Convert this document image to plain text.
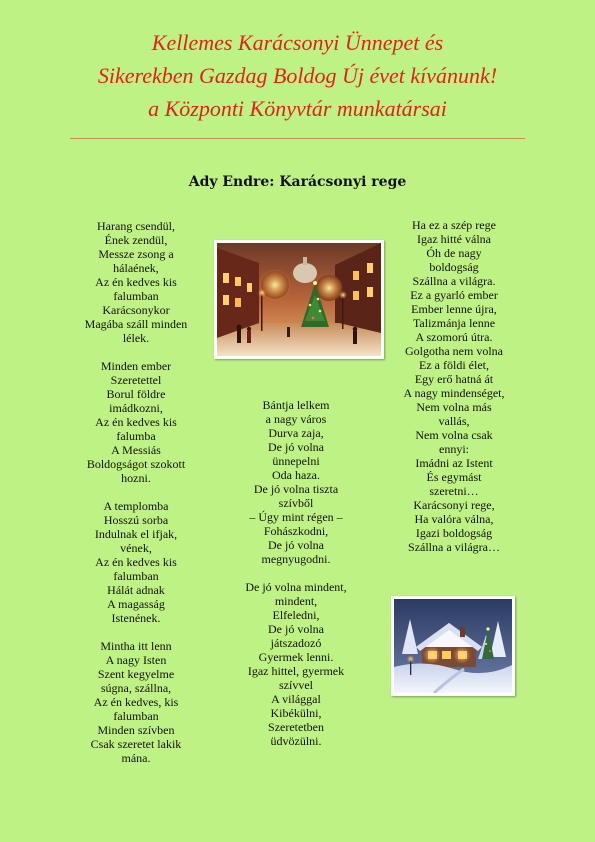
Kellemes Karácsonyi Ünnepet és
Sikerekben Gazdag Boldog Új évet kívánunk!
a Központi Könyvtár munkatársai
Ady Endre: Karácsonyi rege
Harang csendül,
Ének zendül,
Messze zsong a
hálaének,
Az én kedves kis
falumban
Karácsonykor
Magába száll minden
lélek.
Minden ember
Szeretettel
Borul földre
imádkozni,
Az én kedves kis
falumba
A Messiás
Boldogságot szokott
hozni.
A templomba
Hosszú sorba
Indulnak el ifjak,
vének,
Az én kedves kis
falumban
Hálát adnak
A magasság
Istenének.
Mintha itt lenn
A nagy Isten
Szent kegyelme
súgna, szállna,
Az én kedves, kis
falumban
Minden szívben
Csak szeretet lakik
mána.
Bántja lelkem
a nagy város
Durva zaja,
De jó volna
ünnepelni
Oda haza.
De jó volna tiszta
szívből
– Úgy mint régen –
Fohászkodni,
De jó volna
megnyugodni.
De jó volna mindent,
mindent,
Elfeledni,
De jó volna
játszadozó
Gyermek lenni.
Igaz hittel, gyermek
szívvel
A világgal
Kibékülni,
Szeretetben
üdvözülni.
Ha ez a szép rege
Igaz hitté válna
Óh de nagy
boldogság
Szállna a világra.
Ez a gyarló ember
Ember lenne újra,
Talizmánja lenne
A szomorú útra.
Golgotha nem volna
Ez a földi élet,
Egy erő hatná át
A nagy mindenséget,
Nem volna más
vallás,
Nem volna csak
ennyi:
Imádni az Istent
És egymást
szeretni…
Karácsonyi rege,
Ha valóra válna,
Igazi boldogság
Szállna a világra…
